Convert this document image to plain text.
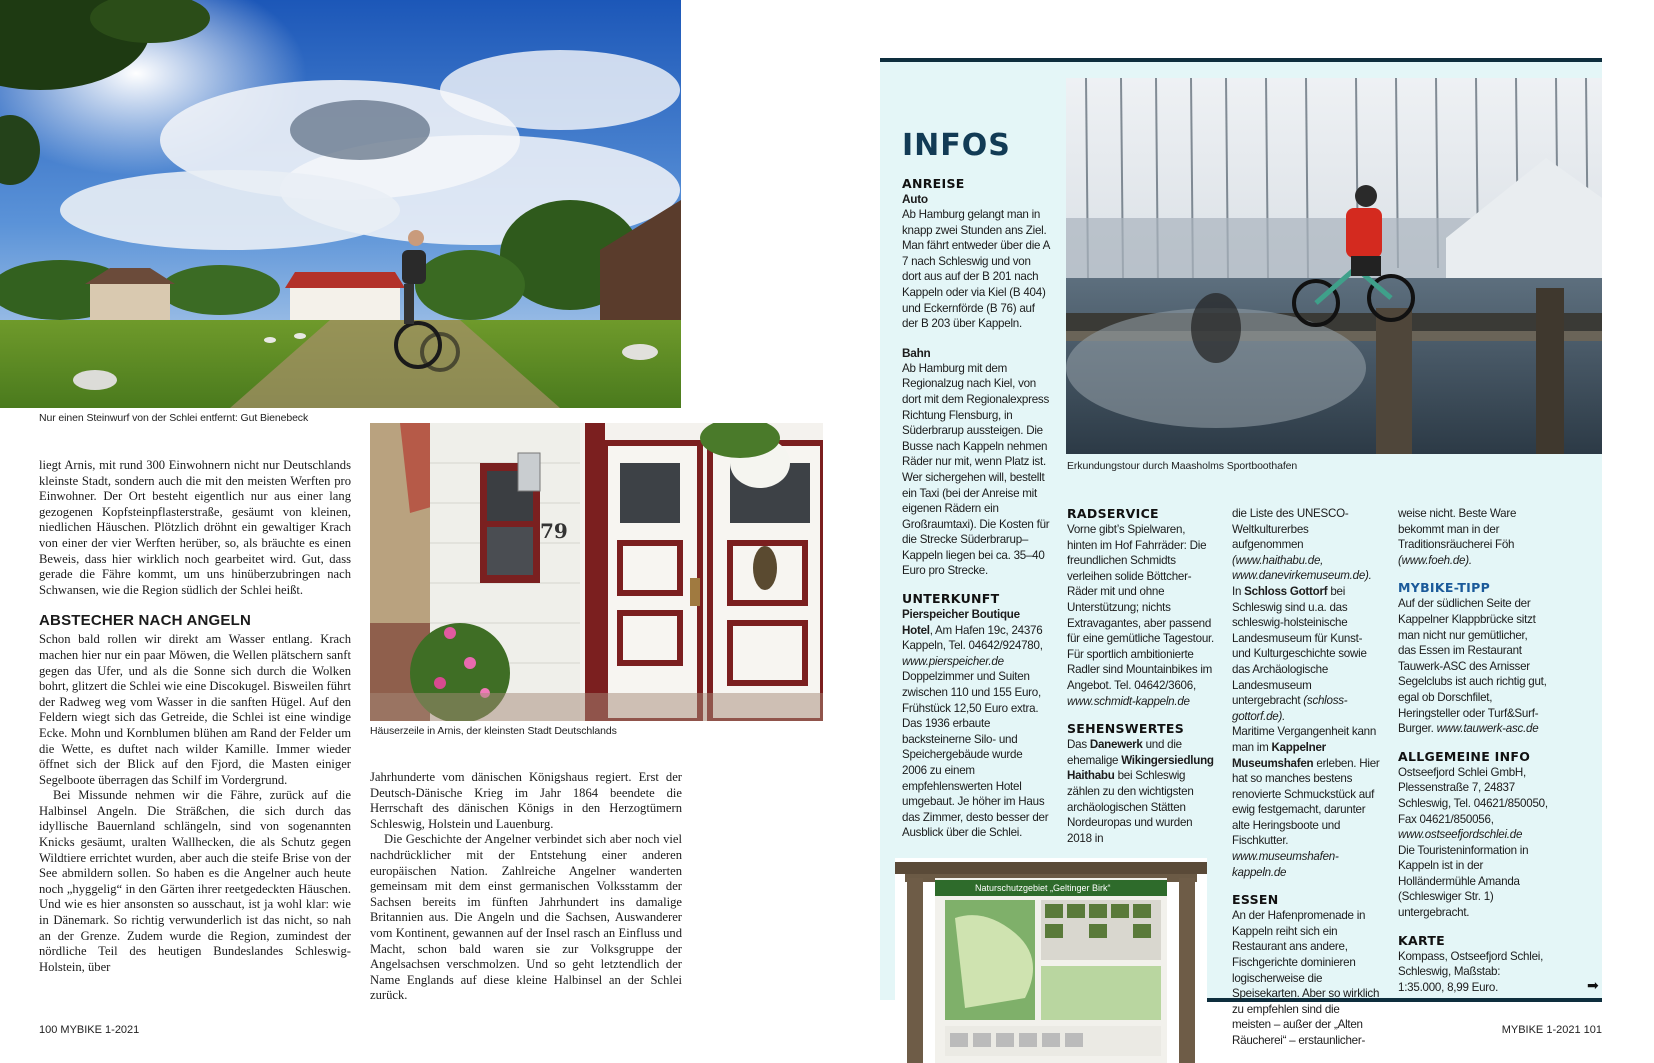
Nur einen Steinwurf von der Schlei entfernt: Gut Bienebeck
79
Häuserzeile in Arnis, der kleinsten Stadt Deutschlands

liegt Arnis, mit rund 300 Einwohnern nicht nur Deutschlands kleinste Stadt, sondern auch die mit den meisten Werften pro Einwohner. Der Ort besteht eigentlich nur aus einer lang gezogenen Kopfsteinpflasterstraße, gesäumt von kleinen, niedlichen Häuschen. Plötzlich dröhnt ein gewaltiger Krach von einer der vier Werften herüber, so, als bräuchte es einen Beweis, dass hier wirklich noch gearbeitet wird. Gut, dass gerade die Fähre kommt, um uns hinüberzubringen nach Schwansen, wie die Region südlich der Schlei heißt.

ABSTECHER NACH ANGELN

Schon bald rollen wir direkt am Wasser entlang. Krach machen hier nur ein paar Möwen, die Wellen plätschern sanft gegen das Ufer, und als die Sonne sich durch die Wolken bohrt, glitzert die Schlei wie eine Discokugel. Bisweilen führt der Radweg weg vom Wasser in die sanften Hügel. Auf den Feldern wiegt sich das Getreide, die Schlei ist eine windige Ecke. Mohn und Kornblumen blühen am Rand der Felder um die Wette, es duftet nach wilder Kamille. Immer wieder öffnet sich der Blick auf den Fjord, die Masten einiger Segelboote überragen das Schilf im Vordergrund.

Bei Missunde nehmen wir die Fähre, zurück auf die Halbinsel Angeln. Die Sträßchen, die sich durch das idyllische Bauernland schlängeln, sind von sogenannten Knicks gesäumt, uralten Wallhecken, die als Schutz gegen Wildtiere errichtet wurden, aber auch die steife Brise von der See abmildern sollen. So haben es die Angelner auch heute noch „hyggelig“ in den Gärten ihrer reetgedeckten Häuschen. Und wie es hier ansonsten so ausschaut, ist ja wohl klar: wie in Dänemark. So richtig verwunderlich ist das nicht, so nah an der Grenze. Zudem wurde die Region, zumindest der nördliche Teil des heutigen Bundeslandes Schleswig-Holstein, über

Jahrhunderte vom dänischen Königshaus regiert. Erst der Deutsch-Dänische Krieg im Jahr 1864 beendete die Herrschaft des dänischen Königs in den Herzogtümern Schleswig, Holstein und Lauenburg.

Die Geschichte der Angelner verbindet sich aber noch viel nachdrücklicher mit der Entstehung einer anderen europäischen Nation. Zahlreiche Angelner wanderten gemeinsam mit dem einst germanischen Volksstamm der Sachsen bereits im fünften Jahrhundert ins damalige Britannien aus. Die Angeln und die Sachsen, Auswanderer vom Kontinent, gewannen auf der Insel rasch an Einfluss und Macht, schon bald waren sie zur Volksgruppe der Angelsachsen verschmolzen. Und so geht letztendlich der Name Englands auf diese kleine Halbinsel an der Schlei zurück.

100 MYBIKE 1-2021
INFOS
Erkundungstour durch Maasholms Sportboothafen
ANREISE
Auto

Ab Hamburg gelangt man in knapp zwei Stunden ans Ziel. Man fährt entweder über die A 7 nach Schleswig und von dort aus auf der B 201 nach Kappeln oder via Kiel (B 404) und Eckernförde (B 76) auf der B 203 über Kappeln.

Bahn

Ab Hamburg mit dem Regionalzug nach Kiel, von dort mit dem Regionalexpress Richtung Flensburg, in Süderbrarup aussteigen. Die Busse nach Kappeln nehmen Räder nur mit, wenn Platz ist. Wer sichergehen will, bestellt ein Taxi (bei der Anreise mit eigenen Rädern ein Großraumtaxi). Die Kosten für die Strecke Süderbrarup–Kappeln liegen bei ca. 35–40 Euro pro Strecke.

UNTERKUNFT

Pierspeicher Boutique Hotel, Am Hafen 19c, 24376 Kappeln, Tel. 04642/924780, www.pierspeicher.de

Doppelzimmer und Suiten zwischen 110 und 155 Euro, Frühstück 12,50 Euro extra. Das 1936 erbaute backsteinerne Silo- und Speichergebäude wurde 2006 zu einem empfehlenswerten Hotel umgebaut. Je höher im Haus das Zimmer, desto besser der Ausblick über die Schlei.

RADSERVICE

Vorne gibt’s Spielwaren, hinten im Hof Fahrräder: Die freundlichen Schmidts verleihen solide Böttcher-Räder mit und ohne Unterstützung; nichts Extravagantes, aber passend für eine gemütliche Tagestour. Für sportlich ambitionierte Radler sind Mountainbikes im Angebot. Tel. 04642/3606, www.schmidt-kappeln.de

SEHENSWERTES

Das Danewerk und die ehemalige Wikingersiedlung Haithabu bei Schleswig zählen zu den wichtigsten archäologischen Stätten Nordeuropas und wurden 2018 in

die Liste des UNESCO-Weltkulturerbes aufgenommen (www.haithabu.de, www.danevirkemuseum.de).

In Schloss Gottorf bei Schleswig sind u.a. das schleswig-holsteinische Landesmuseum für Kunst- und Kulturgeschichte sowie das Archäologische Landesmuseum untergebracht (schloss-gottorf.de).

Maritime Vergangenheit kann man im Kappelner Museumshafen erleben. Hier hat so manches bestens renovierte Schmuckstück auf ewig festgemacht, darunter alte Heringsboote und Fischkutter. www.museumshafen-kappeln.de

ESSEN

An der Hafenpromenade in Kappeln reiht sich ein Restaurant ans andere, Fischgerichte dominieren logischerweise die Speisekarten. Aber so wirklich zu empfehlen sind die meisten – außer der „Alten Räucherei“ – erstaunlicher-

weise nicht. Beste Ware bekommt man in der Traditionsräucherei Föh (www.foeh.de).

MYBIKE-TIPP

Auf der südlichen Seite der Kappelner Klappbrücke sitzt man nicht nur gemütlicher, das Essen im Restaurant Tauwerk-ASC des Arnisser Segelclubs ist auch richtig gut, egal ob Dorschfilet, Heringsteller oder Turf&Surf-Burger. www.tauwerk-asc.de

ALLGEMEINE INFO

Ostseefjord Schlei GmbH, Plessenstraße 7, 24837 Schleswig, Tel. 04621/850050, Fax 04621/850056, www.ostseefjordschlei.de

Die Touristeninformation in Kappeln ist in der Holländermühle Amanda (Schleswiger Str. 1) untergebracht.

KARTE

Kompass, Ostseefjord Schlei, Schleswig, Maßstab: 1:35.000, 8,99 Euro.	➡
Naturschutzgebiet „Geltinger Birk“
MYBIKE 1-2021 101
